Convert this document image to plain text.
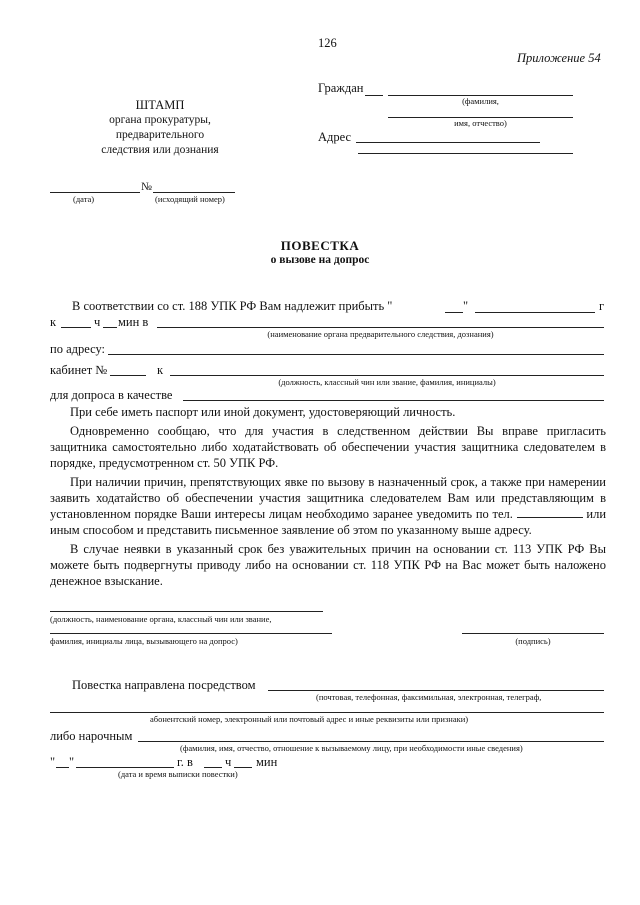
126
Приложение 54
ШТАМП
органа прокуратуры,
предварительного
следствия или дознания
Граждан
(фамилия,
имя, отчество)
Адрес
№
(дата)	(исходящий номер)
ПОВЕСТКА
о вызове на допрос
В соответствии со ст. 188 УПК РФ Вам надлежит прибыть "	"	г
к	ч мин в
(наименование органа предварительного следствия, дознания)
по адресу:
кабинет №	к
(должность, классный чин или звание, фамилия, инициалы)
для допроса в качестве

При себе иметь паспорт или иной документ, удостоверяющий личность.

Одновременно сообщаю, что для участия в следственном действии Вы вправе пригласить защитника самостоятельно либо ходатайствовать об обеспечении участия защитника следователем в порядке, предусмотренном ст. 50 УПК РФ.

При наличии причин, препятствующих явке по вызову в назначенный срок, а также при намерении заявить ходатайство об обеспечении участия защитника следователем Вам или представляющим в установленном порядке Ваши интересы лицам необходимо заранее уведомить по тел.	или иным способом и представить письменное заявление об этом по указанному выше адресу.

В случае неявки в указанный срок без уважительных причин на основании ст. 113 УПК РФ Вы можете быть подвергнуты приводу либо на основании ст. 118 УПК РФ на Вас может быть наложено денежное взыскание.

(должность, наименование органа, классный чин или звание,
фамилия, инициалы лица, вызывающего на допрос)	(подпись)
Повестка направлена посредством
(почтовая, телефонная, факсимильная, электронная, телеграф,
абонентский номер, электронный или почтовый адрес и иные реквизиты или признаки)
либо нарочным
(фамилия, имя, отчество, отношение к вызываемому лицу, при необходимости иные сведения)
" "	г. в	ч мин
(дата и время выписки повестки)
